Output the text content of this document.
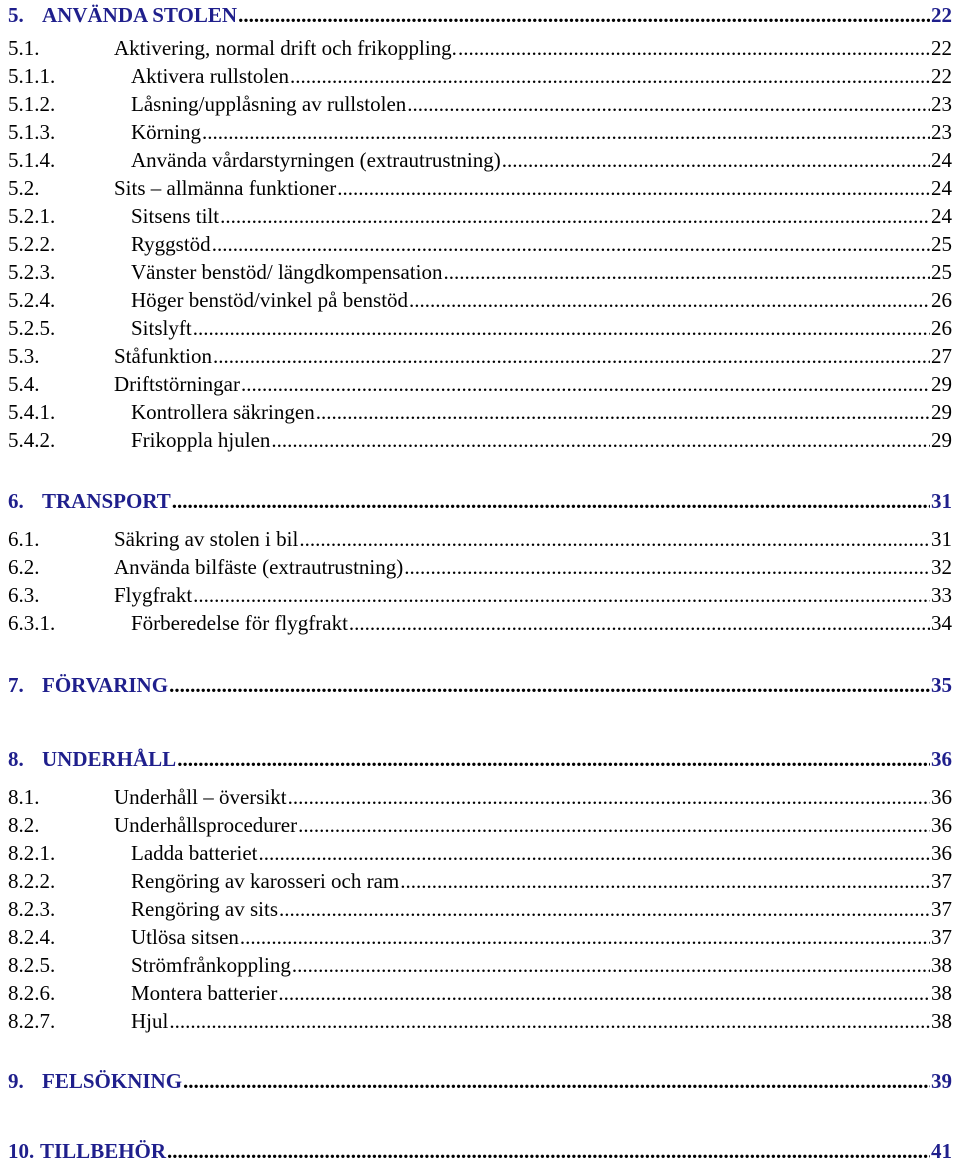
5. ANVÄNDA STOLEN .....	22
5.1.	Aktivering, normal drift och frikoppling. .....	22
5.1.1.	Aktivera rullstolen .....	22
5.1.2.	Låsning/upplåsning av rullstolen .....	23
5.1.3.	Körning .....	23
5.1.4.	Använda vårdarstyrningen (extrautrustning) .....	24
5.2.	Sits – allmänna funktioner .....	24
5.2.1.	Sitsens tilt .....	24
5.2.2.	Ryggstöd .....	25
5.2.3.	Vänster benstöd/ längdkompensation .....	25
5.2.4.	Höger benstöd/vinkel på benstöd .....	26
5.2.5.	Sitslyft .....	26
5.3.	Ståfunktion .....	27
5.4.	Driftstörningar .....	29
5.4.1.	Kontrollera säkringen .....	29
5.4.2.	Frikoppla hjulen .....	29
6. TRANSPORT .....	31
6.1.	Säkring av stolen i bil .....	31
6.2.	Använda bilfäste (extrautrustning) .....	32
6.3.	Flygfrakt .....	33
6.3.1.	Förberedelse för flygfrakt .....	34
7. FÖRVARING .....	35
8. UNDERHÅLL .....	36
8.1.	Underhåll – översikt .....	36
8.2.	Underhållsprocedurer .....	36
8.2.1.	Ladda batteriet .....	36
8.2.2.	Rengöring av karosseri och ram .....	37
8.2.3.	Rengöring av sits .....	37
8.2.4.	Utlösa sitsen .....	37
8.2.5.	Strömfrånkoppling .....	38
8.2.6.	Montera batterier .....	38
8.2.7.	Hjul .....	38
9. FELSÖKNING .....	39
10. TILLBEHÖR .....	41
